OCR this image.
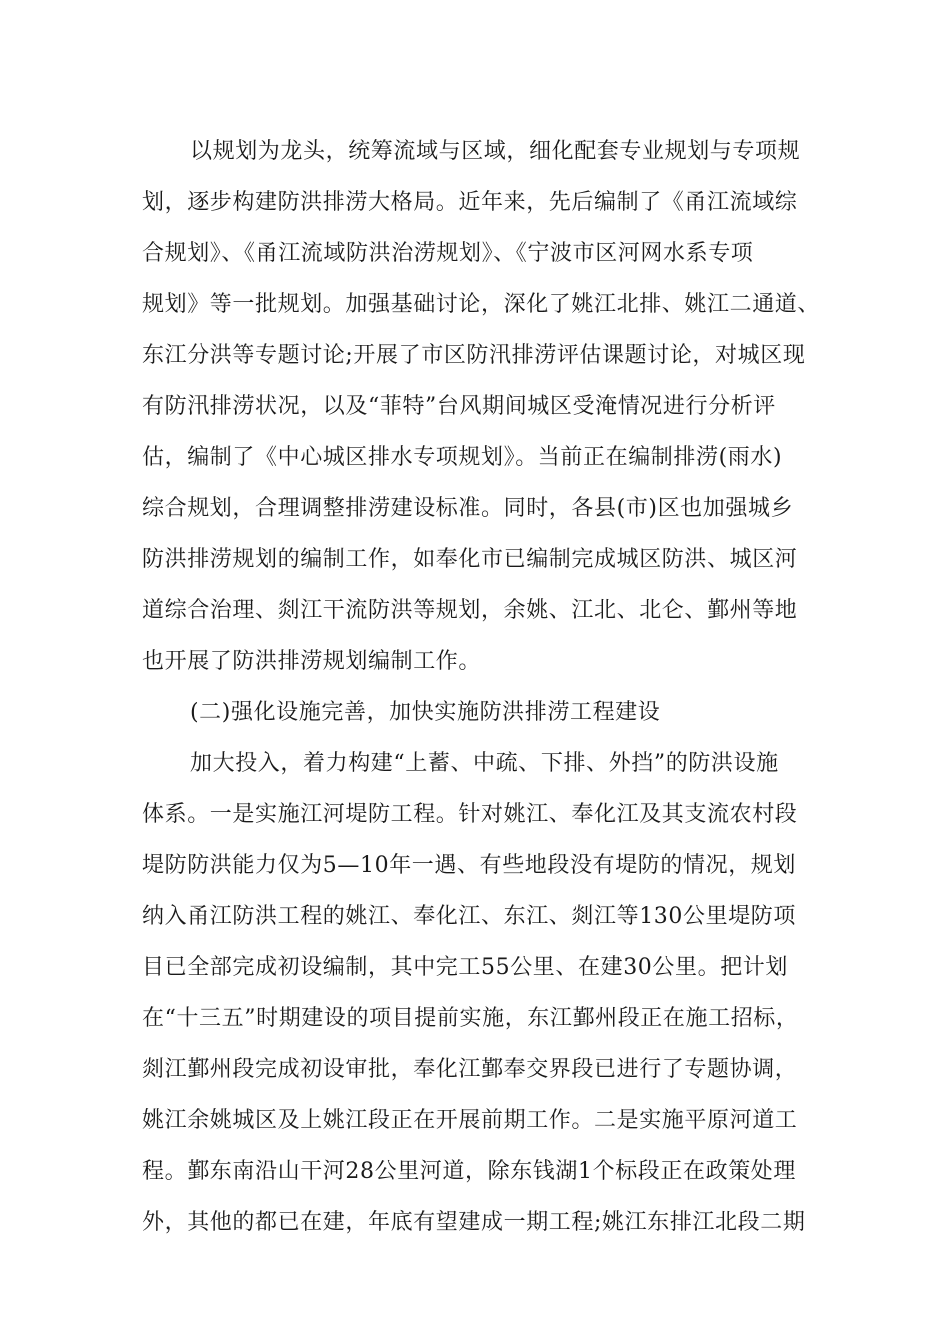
以规划为龙头，统筹流域与区域，细化配套专业规划与专项规
划，逐步构建防洪排涝大格局。近年来，先后编制了《甬江流域综
合规划》、《甬江流域防洪治涝规划》、《宁波市区河网水系专项
规划》等一批规划。加强基础讨论，深化了姚江北排、姚江二通道、
东江分洪等专题讨论;开展了市区防汛排涝评估课题讨论，对城区现
有防汛排涝状况，以及“菲特”台风期间城区受淹情况进行分析评
估，编制了《中心城区排水专项规划》。当前正在编制排涝(雨水)
综合规划，合理调整排涝建设标准。同时，各县(市)区也加强城乡
防洪排涝规划的编制工作，如奉化市已编制完成城区防洪、城区河
道综合治理、剡江干流防洪等规划，余姚、江北、北仑、鄞州等地
也开展了防洪排涝规划编制工作。
(二)强化设施完善，加快实施防洪排涝工程建设
加大投入，着力构建“上蓄、中疏、下排、外挡”的防洪设施
体系。一是实施江河堤防工程。针对姚江、奉化江及其支流农村段
堤防防洪能力仅为5—10年一遇、有些地段没有堤防的情况，规划
纳入甬江防洪工程的姚江、奉化江、东江、剡江等130公里堤防项
目已全部完成初设编制，其中完工55公里、在建30公里。把计划
在“十三五”时期建设的项目提前实施，东江鄞州段正在施工招标，
剡江鄞州段完成初设审批，奉化江鄞奉交界段已进行了专题协调，
姚江余姚城区及上姚江段正在开展前期工作。二是实施平原河道工
程。鄞东南沿山干河28公里河道，除东钱湖1个标段正在政策处理
外，其他的都已在建，年底有望建成一期工程;姚江东排江北段二期
